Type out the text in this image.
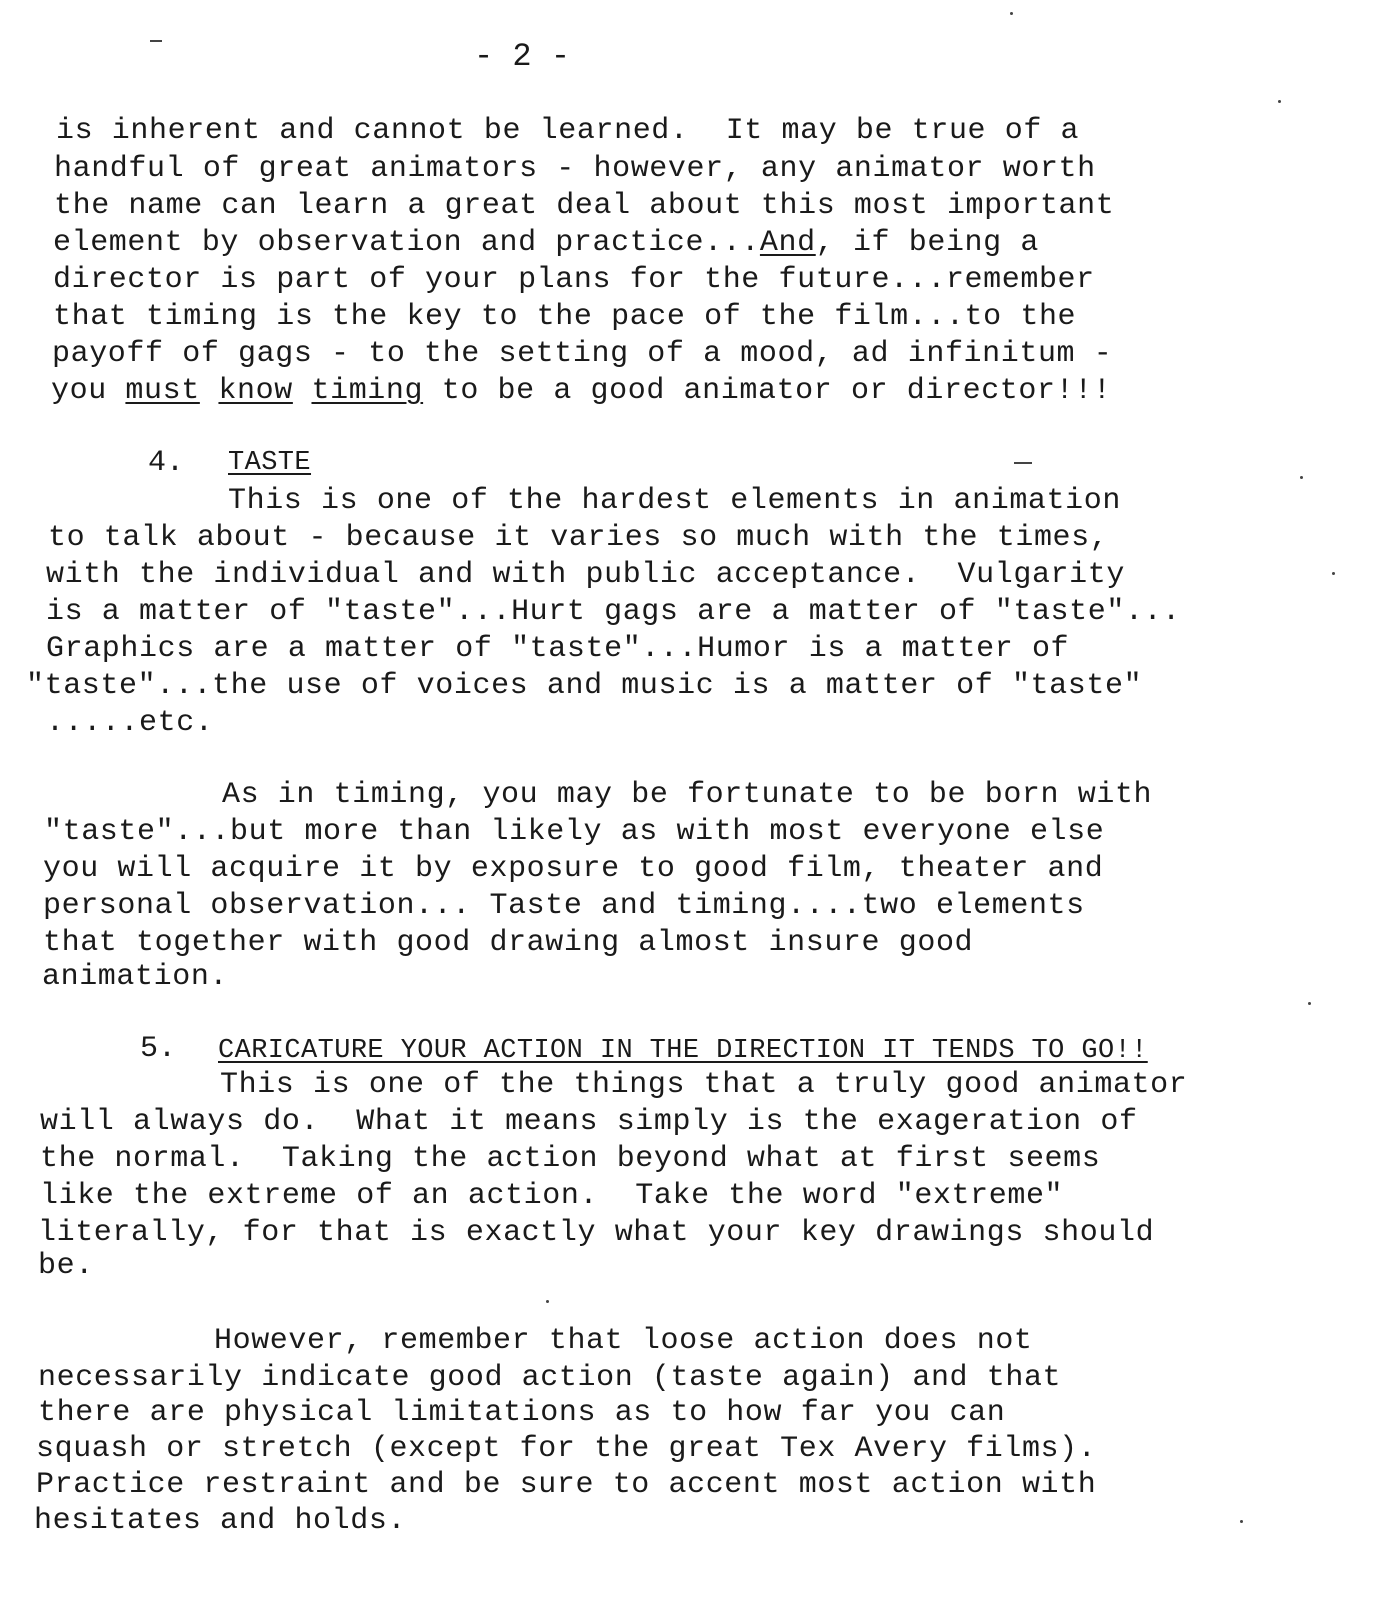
- 2 -
is inherent and cannot be learned.  It may be true of a
handful of great animators - however, any animator worth
the name can learn a great deal about this most important
element by observation and practice...And, if being a
director is part of your plans for the future...remember
that timing is the key to the pace of the film...to the
payoff of gags - to the setting of a mood, ad infinitum -
you must know timing to be a good animator or director!!!
4. TASTE
This is one of the hardest elements in animation
to talk about - because it varies so much with the times,
with the individual and with public acceptance.  Vulgarity
is a matter of "taste"...Hurt gags are a matter of "taste"...
Graphics are a matter of "taste"...Humor is a matter of
"taste"...the use of voices and music is a matter of "taste"
.....etc.
As in timing, you may be fortunate to be born with
"taste"...but more than likely as with most everyone else
you will acquire it by exposure to good film, theater and
personal observation... Taste and timing....two elements
that together with good drawing almost insure good
animation.
5. CARICATURE YOUR ACTION IN THE DIRECTION IT TENDS TO GO!!
This is one of the things that a truly good animator
will always do.  What it means simply is the exageration of
the normal.  Taking the action beyond what at first seems
like the extreme of an action.  Take the word "extreme"
literally, for that is exactly what your key drawings should
be.
However, remember that loose action does not
necessarily indicate good action (taste again) and that
there are physical limitations as to how far you can
squash or stretch (except for the great Tex Avery films).
Practice restraint and be sure to accent most action with
hesitates and holds.
